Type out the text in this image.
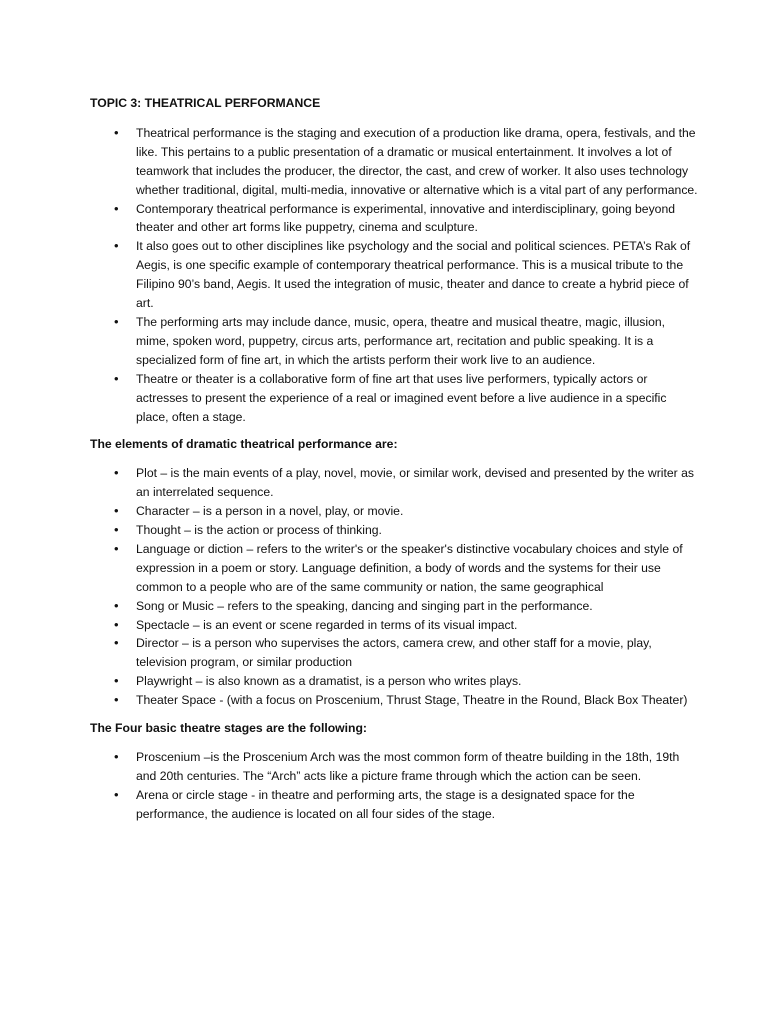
TOPIC 3: THEATRICAL PERFORMANCE
• Theatrical performance is the staging and execution of a production like drama, opera, festivals, and the like. This pertains to a public presentation of a dramatic or musical entertainment. It involves a lot of teamwork that includes the producer, the director, the cast, and crew of worker. It also uses technology whether traditional, digital, multi-media, innovative or alternative which is a vital part of any performance.
• Contemporary theatrical performance is experimental, innovative and interdisciplinary, going beyond theater and other art forms like puppetry, cinema and sculpture.
• It also goes out to other disciplines like psychology and the social and political sciences. PETA’s Rak of Aegis, is one specific example of contemporary theatrical performance. This is a musical tribute to the Filipino 90’s band, Aegis. It used the integration of music, theater and dance to create a hybrid piece of art.
• The performing arts may include dance, music, opera, theatre and musical theatre, magic, illusion, mime, spoken word, puppetry, circus arts, performance art, recitation and public speaking. It is a specialized form of fine art, in which the artists perform their work live to an audience.
• Theatre or theater is a collaborative form of fine art that uses live performers, typically actors or actresses to present the experience of a real or imagined event before a live audience in a specific place, often a stage.
The elements of dramatic theatrical performance are:
• Plot – is the main events of a play, novel, movie, or similar work, devised and presented by the writer as an interrelated sequence.
• Character – is a person in a novel, play, or movie.
• Thought – is the action or process of thinking.
• Language or diction – refers to the writer's or the speaker's distinctive vocabulary choices and style of expression in a poem or story. Language definition, a body of words and the systems for their use common to a people who are of the same community or nation, the same geographical
• Song or Music – refers to the speaking, dancing and singing part in the performance.
• Spectacle – is an event or scene regarded in terms of its visual impact.
• Director – is a person who supervises the actors, camera crew, and other staff for a movie, play, television program, or similar production
• Playwright – is also known as a dramatist, is a person who writes plays.
• Theater Space - (with a focus on Proscenium, Thrust Stage, Theatre in the Round, Black Box Theater)
The Four basic theatre stages are the following:
• Proscenium –is the Proscenium Arch was the most common form of theatre building in the 18th, 19th and 20th centuries. The “Arch” acts like a picture frame through which the action can be seen.
• Arena or circle stage - in theatre and performing arts, the stage is a designated space for the performance, the audience is located on all four sides of the stage.
